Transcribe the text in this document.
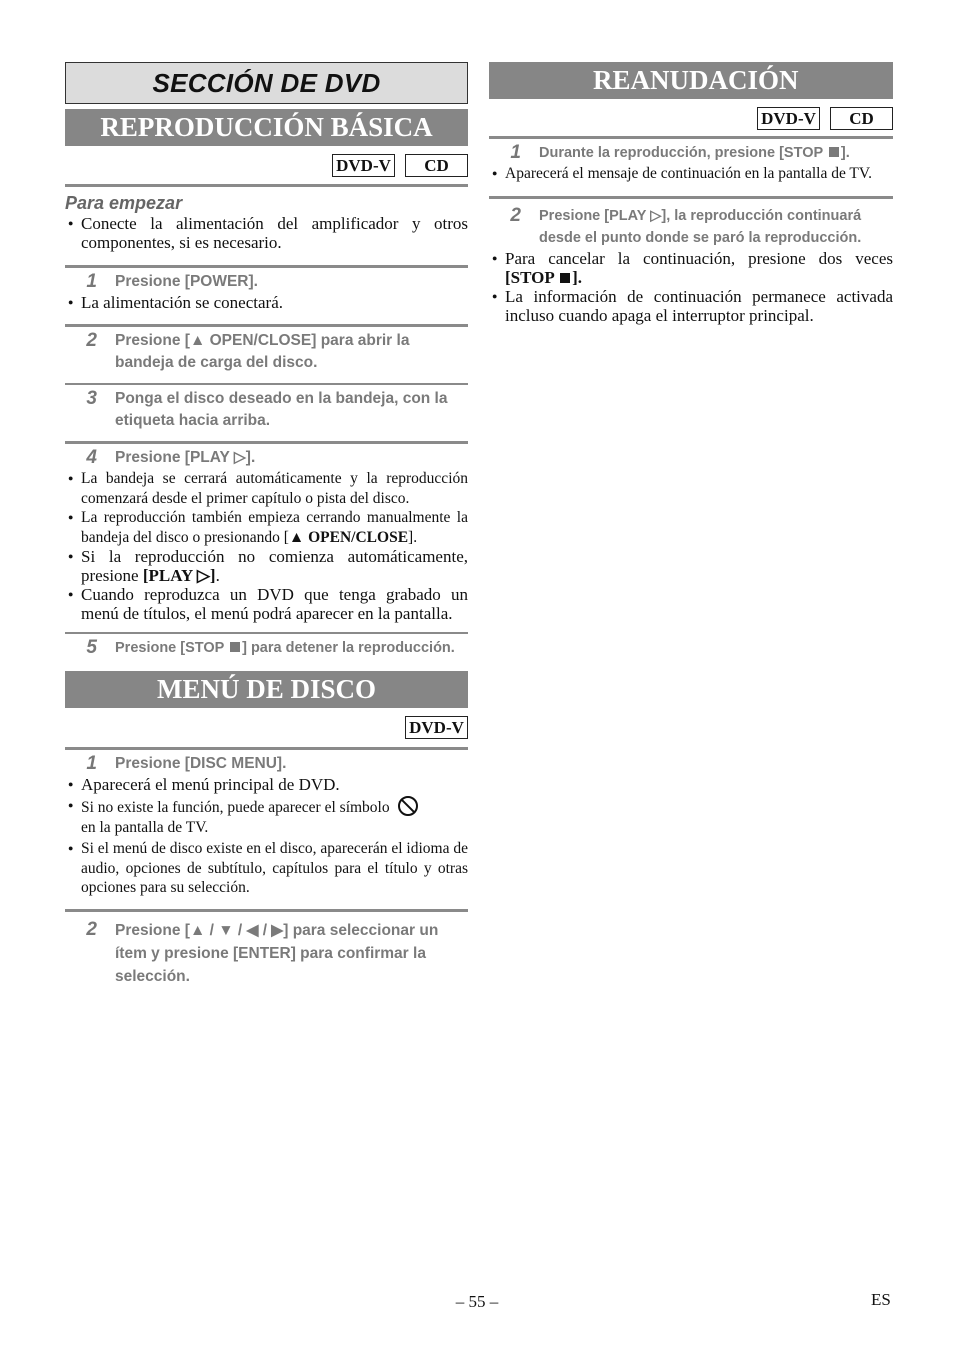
SECCIÓN DE DVD
REPRODUCCIÓN BÁSICA
DVD-V	CD
Para empezar
● Conecte la alimentación del amplificador y otros componentes, si es necesario.
1	Presione [POWER].
● La alimentación se conectará.
2	Presione [▲ OPEN/CLOSE] para abrir la bandeja de carga del disco.
3	Ponga el disco deseado en la bandeja, con la etiqueta hacia arriba.
4	Presione [PLAY ▷].
● La bandeja se cerrará automáticamente y la reproducción comenzará desde el primer capítulo o pista del disco.
● La reproducción también empieza cerrando manualmente la bandeja del disco o presionando [▲ OPEN/CLOSE].
● Si la reproducción no comienza automáticamente, presione [PLAY ▷].
● Cuando reproduzca un DVD que tenga grabado un menú de títulos, el menú podrá aparecer en la pantalla.
5	Presione [STOP ] para detener la reproducción.
MENÚ DE DISCO
DVD-V
1	Presione [DISC MENU].
● Aparecerá el menú principal de DVD.
● Si no existe la función, puede aparecer el símbolo
en la pantalla de TV.
● Si el menú de disco existe en el disco, aparecerán el idioma de audio, opciones de subtítulo, capítulos para el título y otras opciones para su selección.
2	Presione [▲ / ▼ / ◀ / ▶] para seleccionar un ítem y presione [ENTER] para confirmar la selección.
REANUDACIÓN
DVD-V	CD
1	Durante la reproducción, presione [STOP ].
● Aparecerá el mensaje de continuación en la pantalla de TV.
2	Presione [PLAY ▷], la reproducción continuará desde el punto donde se paró la reproducción.
● Para cancelar la continuación, presione dos veces [STOP ].
● La información de continuación permanece activada incluso cuando apaga el interruptor principal.
– 55 –	ES
